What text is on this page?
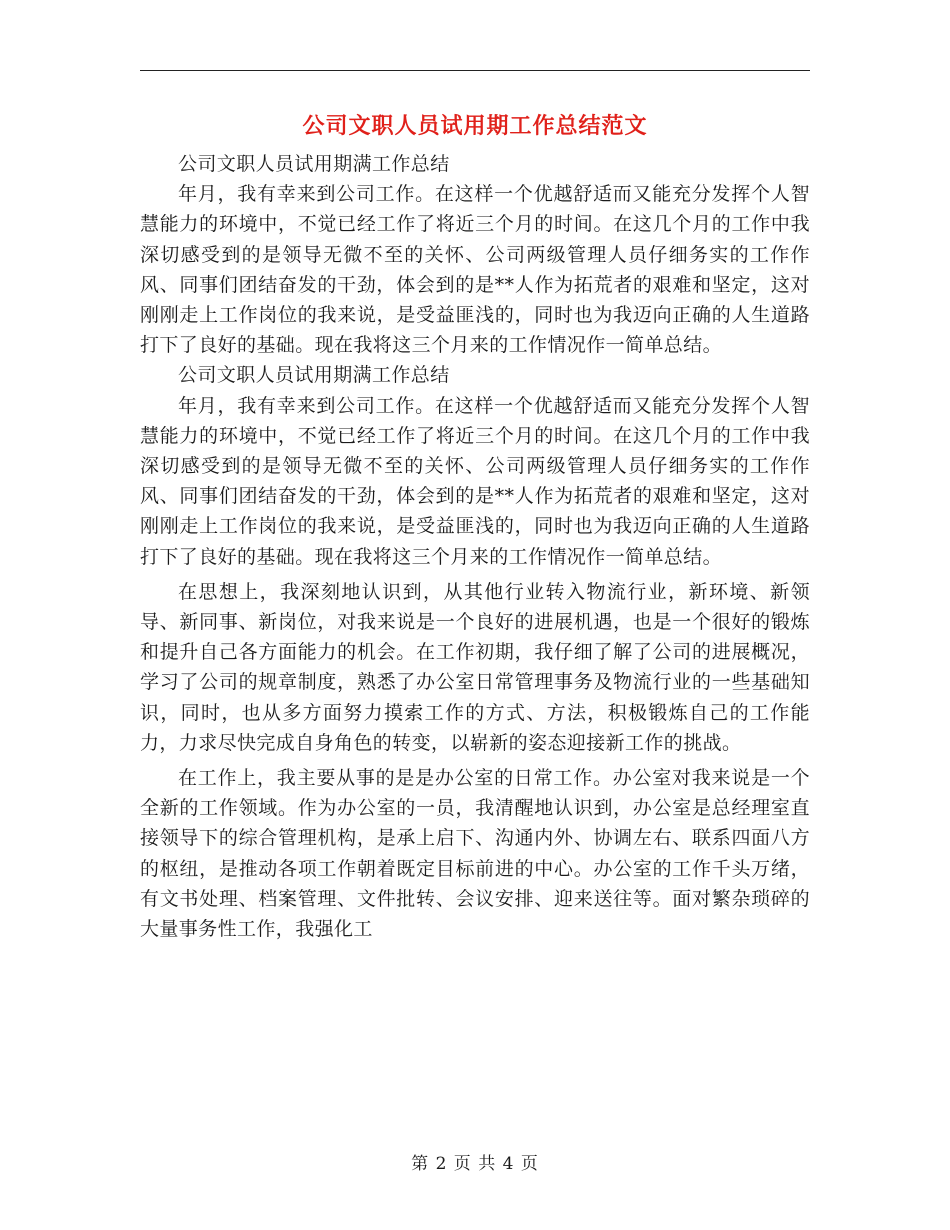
公司文职人员试用期工作总结范文

公司文职人员试用期满工作总结

年月，我有幸来到公司工作。在这样一个优越舒适而又能充分发挥个人智慧能力的环境中，不觉已经工作了将近三个月的时间。在这几个月的工作中我深切感受到的是领导无微不至的关怀、公司两级管理人员仔细务实的工作作风、同事们团结奋发的干劲，体会到的是**人作为拓荒者的艰难和坚定，这对刚刚走上工作岗位的我来说，是受益匪浅的，同时也为我迈向正确的人生道路打下了良好的基础。现在我将这三个月来的工作情况作一简单总结。

公司文职人员试用期满工作总结

年月，我有幸来到公司工作。在这样一个优越舒适而又能充分发挥个人智慧能力的环境中，不觉已经工作了将近三个月的时间。在这几个月的工作中我深切感受到的是领导无微不至的关怀、公司两级管理人员仔细务实的工作作风、同事们团结奋发的干劲，体会到的是**人作为拓荒者的艰难和坚定，这对刚刚走上工作岗位的我来说，是受益匪浅的，同时也为我迈向正确的人生道路打下了良好的基础。现在我将这三个月来的工作情况作一简单总结。

在思想上，我深刻地认识到，从其他行业转入物流行业，新环境、新领导、新同事、新岗位，对我来说是一个良好的进展机遇，也是一个很好的锻炼和提升自己各方面能力的机会。在工作初期，我仔细了解了公司的进展概况，学习了公司的规章制度，熟悉了办公室日常管理事务及物流行业的一些基础知识，同时，也从多方面努力摸索工作的方式、方法，积极锻炼自己的工作能力，力求尽快完成自身角色的转变，以崭新的姿态迎接新工作的挑战。

在工作上，我主要从事的是是办公室的日常工作。办公室对我来说是一个全新的工作领域。作为办公室的一员，我清醒地认识到，办公室是总经理室直接领导下的综合管理机构，是承上启下、沟通内外、协调左右、联系四面八方的枢纽，是推动各项工作朝着既定目标前进的中心。办公室的工作千头万绪，有文书处理、档案管理、文件批转、会议安排、迎来送往等。面对繁杂琐碎的大量事务性工作，我强化工

第 2 页 共 4 页
